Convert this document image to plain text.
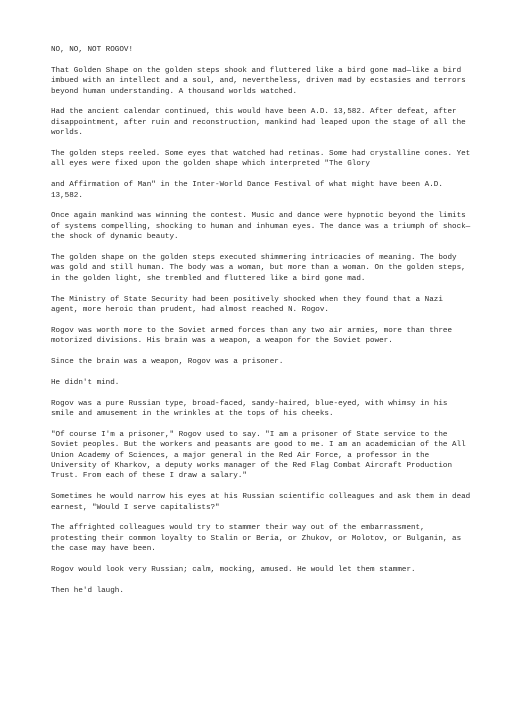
NO, NO, NOT ROGOV!

That Golden Shape on the golden steps shook and fluttered like a bird gone mad—like a bird imbued with an intellect and a soul, and, nevertheless, driven mad by ecstasies and terrors beyond human understanding. A thousand worlds watched.

Had the ancient calendar continued, this would have been A.D. 13,582. After defeat, after disappointment, after ruin and reconstruction, mankind had leaped upon the stage of all the worlds.

The golden steps reeled. Some eyes that watched had retinas. Some had crystalline cones. Yet all eyes were fixed upon the golden shape which interpreted "The Glory

and Affirmation of Man" in the Inter-World Dance Festival of what might have been A.D. 13,582.

Once again mankind was winning the contest. Music and dance were hypnotic beyond the limits of systems compelling, shocking to human and inhuman eyes. The dance was a triumph of shock—the shock of dynamic beauty.

The golden shape on the golden steps executed shimmering intricacies of meaning. The body was gold and still human. The body was a woman, but more than a woman. On the golden steps, in the golden light, she trembled and fluttered like a bird gone mad.

The Ministry of State Security had been positively shocked when they found that a Nazi agent, more heroic than prudent, had almost reached N. Rogov.

Rogov was worth more to the Soviet armed forces than any two air armies, more than three motorized divisions. His brain was a weapon, a weapon for the Soviet power.

Since the brain was a weapon, Rogov was a prisoner.

He didn't mind.

Rogov was a pure Russian type, broad-faced, sandy-haired, blue-eyed, with whimsy in his smile and amusement in the wrinkles at the tops of his cheeks.

"Of course I'm a prisoner," Rogov used to say. "I am a prisoner of State service to the Soviet peoples. But the workers and peasants are good to me. I am an academician of the All Union Academy of Sciences, a major general in the Red Air Force, a professor in the University of Kharkov, a deputy works manager of the Red Flag Combat Aircraft Production Trust. From each of these I draw a salary."

Sometimes he would narrow his eyes at his Russian scientific colleagues and ask them in dead earnest, "Would I serve capitalists?"

The affrighted colleagues would try to stammer their way out of the embarrassment, protesting their common loyalty to Stalin or Beria, or Zhukov, or Molotov, or Bulganin, as the case may have been.

Rogov would look very Russian; calm, mocking, amused. He would let them stammer.

Then he'd laugh.
